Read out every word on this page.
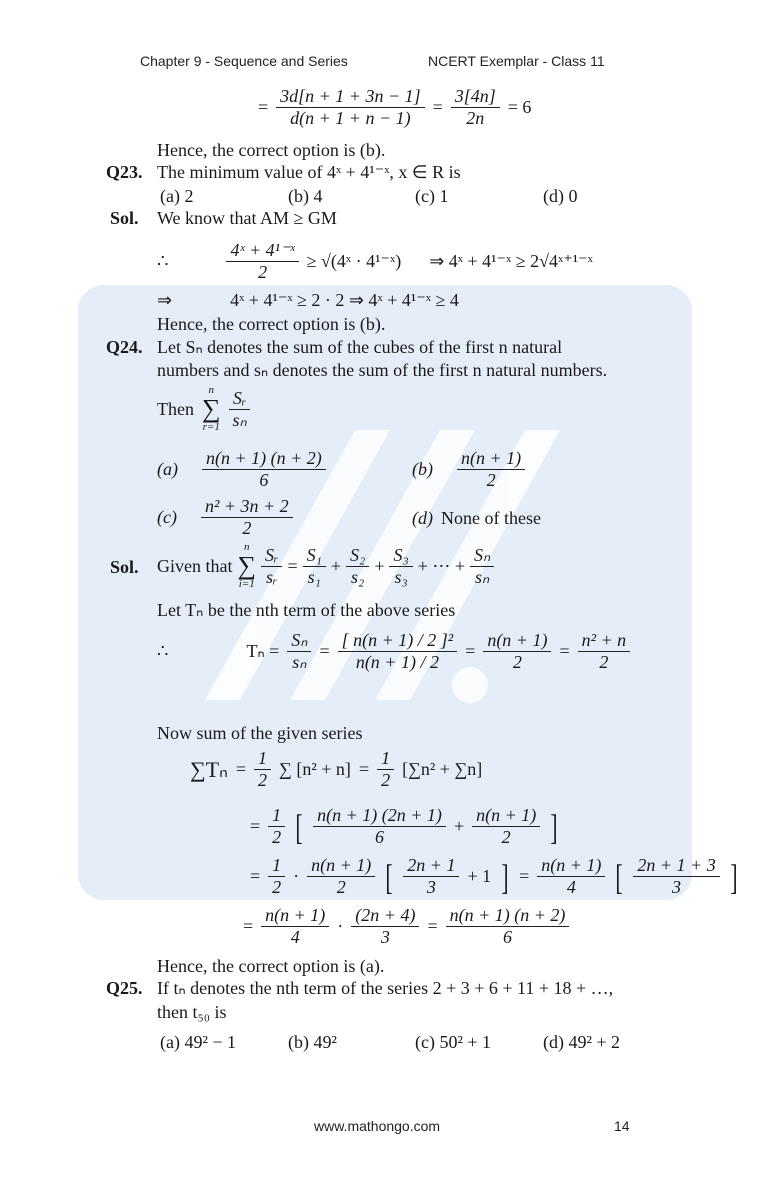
Chapter 9 - Sequence and Series	NCERT Exemplar - Class 11
= $\frac{3d[n + 1 + 3n - 1]}{d(n + 1 + n - 1)} = \frac{3[4n]}{2n} = 6$
Hence, the correct option is (b).
Q23. The minimum value of 4ˣ + 4¹⁻ˣ, x ∈ R is
(a) 2	(b) 4	(c) 1	(d) 0
Sol. We know that AM ≥ GM
∴	$\frac{\text{4ˣ + 4¹⁻ˣ}}{2}$ ≥ √(4ˣ · 4¹⁻ˣ) ⇒ 4ˣ + 4¹⁻ˣ ≥ 2√4ˣ⁺¹⁻ˣ
⇒	4ˣ + 4¹⁻ˣ ≥ 2 · 2 ⇒ 4ˣ + 4¹⁻ˣ ≥ 4
Hence, the correct option is (b).
Q24. Let Sₙ denotes the sum of the cubes of the first n natural
numbers and sₙ denotes the sum of the first n natural numbers.
Then
n
∑
$r=1 \frac{\text{Sᵣ}}{\text{sₙ}}$
$(a) \frac{n(n + 1) (n + 2)}{6}$	$(b) \frac{n(n + 1)}{2}$
$(c) \frac{\text{n² + 3n + 2}}{2}$	(d) None of these
Sol. Given that
n
∑
$i=1 \frac{\text{Sᵣ}}{\text{sᵣ}} = \frac{\text{S₁}}{\text{s₁}} + \frac{\text{S₂}}{\text{s₂}} + \frac{\text{S₃}}{\text{s₃}}$ + ⋯ + $\frac{\text{Sₙ}}{\text{sₙ}}$
Let Tₙ be the nth term of the above series
∴	$T_n = \frac{\text{Sₙ}}{\text{sₙ}} = \frac{\text{[ n(n + 1) / 2 ]²}}{n(n + 1) / 2} = \frac{n(n + 1)}{2} = \frac{\text{n² + n}}{2}$
Now sum of the given series
$\sum T_n = \frac{1}{2}$ ∑ $[n^2 + n] = \frac{1}{2} [\sum n^2 + \sum n]$
= $\frac{1}{2}$ [ $\frac{n(n + 1) (2n + 1)}{6} + \frac{n(n + 1)}{2}$ ]
= $\frac{1}{2} \cdot \frac{n(n + 1)}{2}$ [ $\frac{2n + 1}{3} + 1$ ] = $\frac{n(n + 1)}{4}$ [ $\frac{2n + 1 + 3}{3}$ ]
= $\frac{n(n + 1)}{4} \cdot \frac{(2n + 4)}{3} = \frac{n(n + 1) (n + 2)}{6}$
Hence, the correct option is (a).
Q25. If tₙ denotes the nth term of the series 2 + 3 + 6 + 11 + 18 + …,
then t₅₀ is
(a) 49² − 1	(b) 49²	(c) 50² + 1	(d) 49² + 2
www.mathongo.com	14
